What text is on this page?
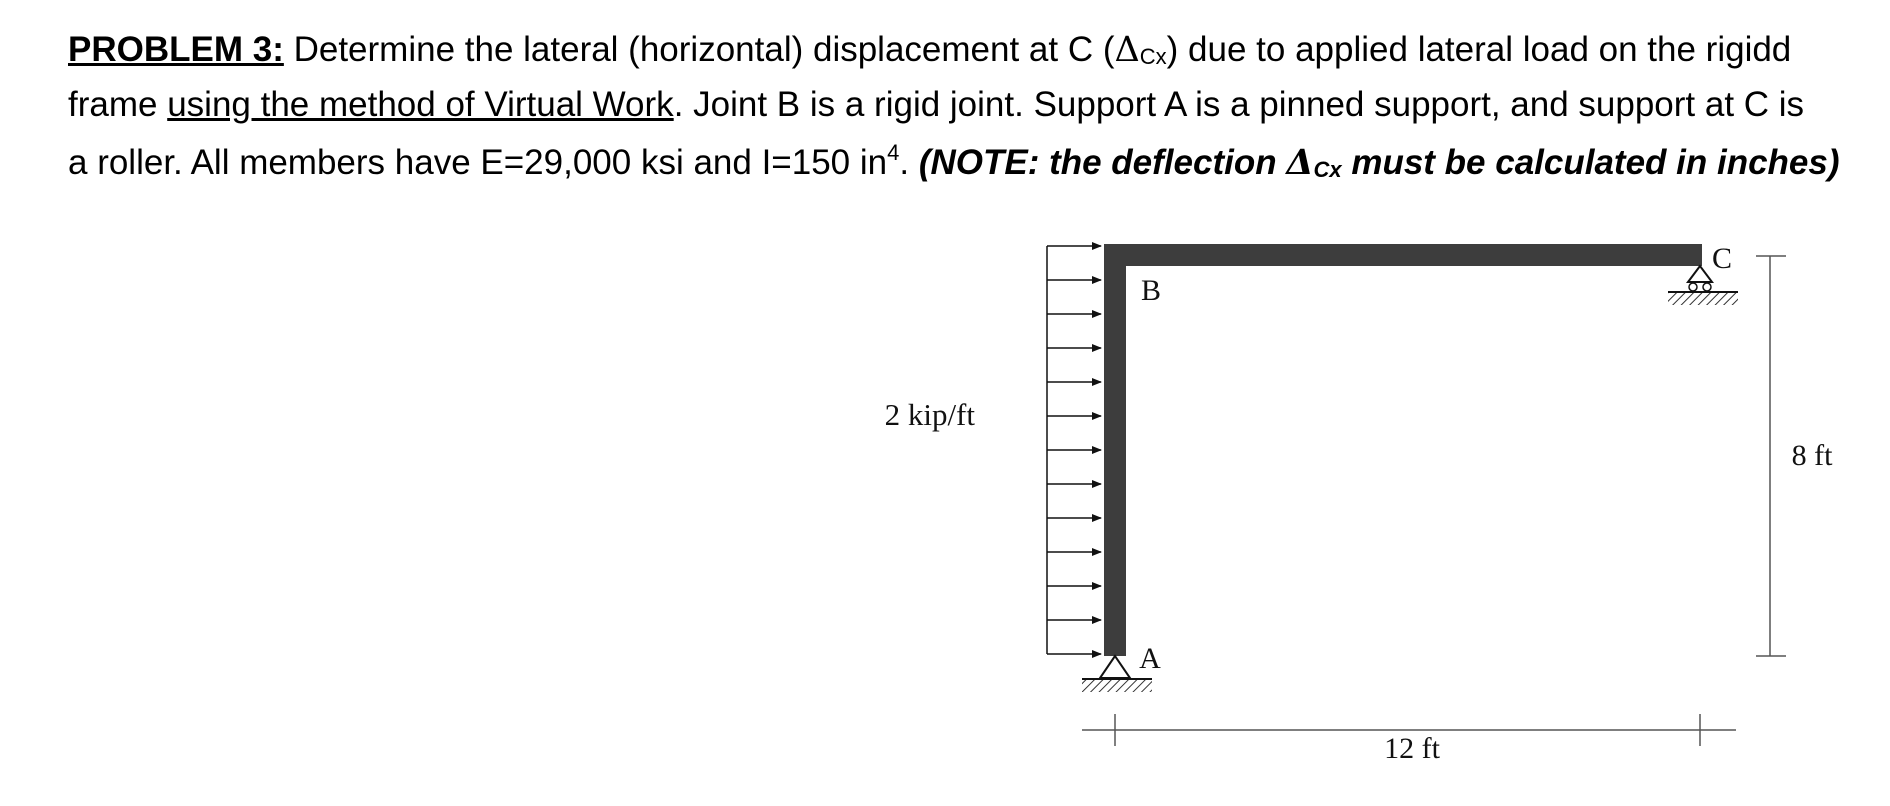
PROBLEM 3: Determine the lateral (horizontal) displacement at C (ΔCx) due to applied lateral load on the rigidd
frame using the method of Virtual Work. Joint B is a rigid joint. Support A is a pinned support, and support at C is
a roller. All members have E=29,000 ksi and I=150 $in^4$. (NOTE: the deflection ΔCx must be calculated in inches)
2 kip/ft
B
C
A
8 ft
12 ft
